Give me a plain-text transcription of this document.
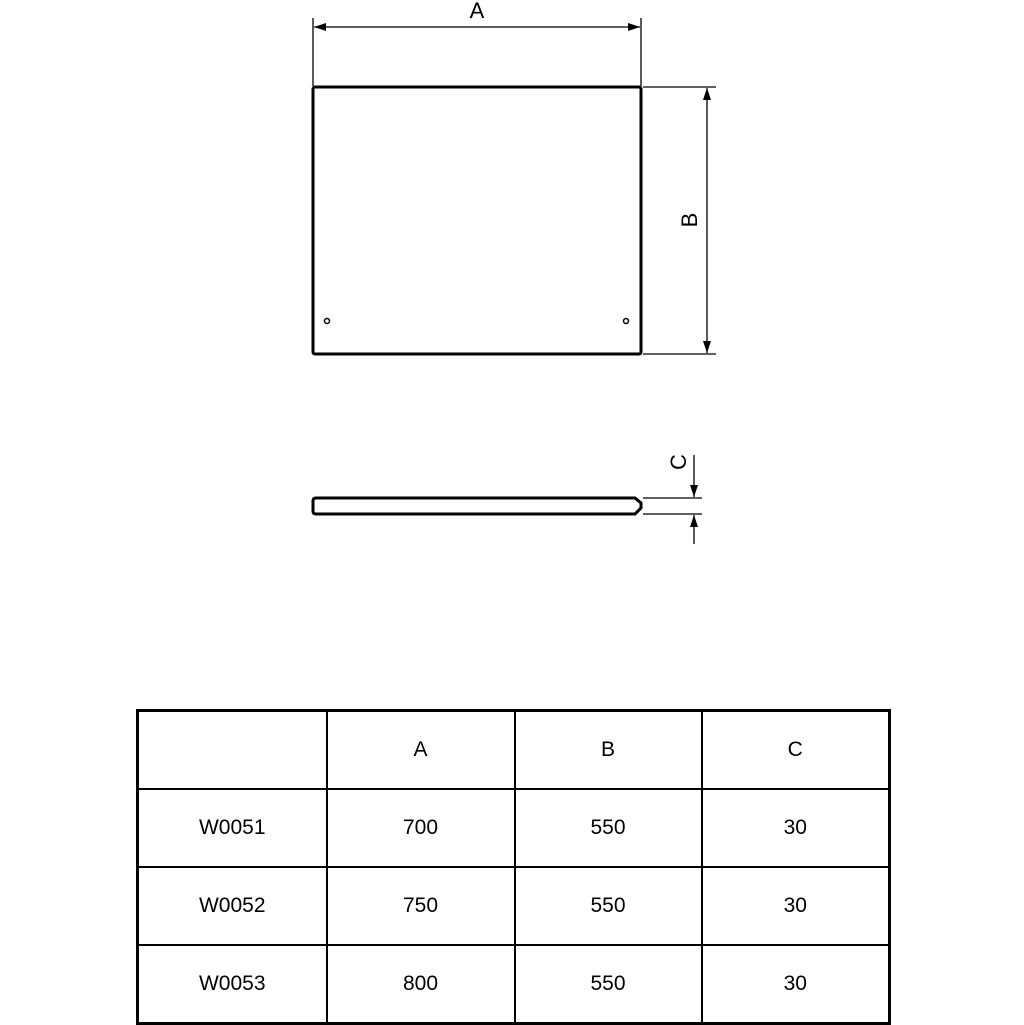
A
B
C
	A	B	C
W0051	700	550	30
W0052	750	550	30
W0053	800	550	30
